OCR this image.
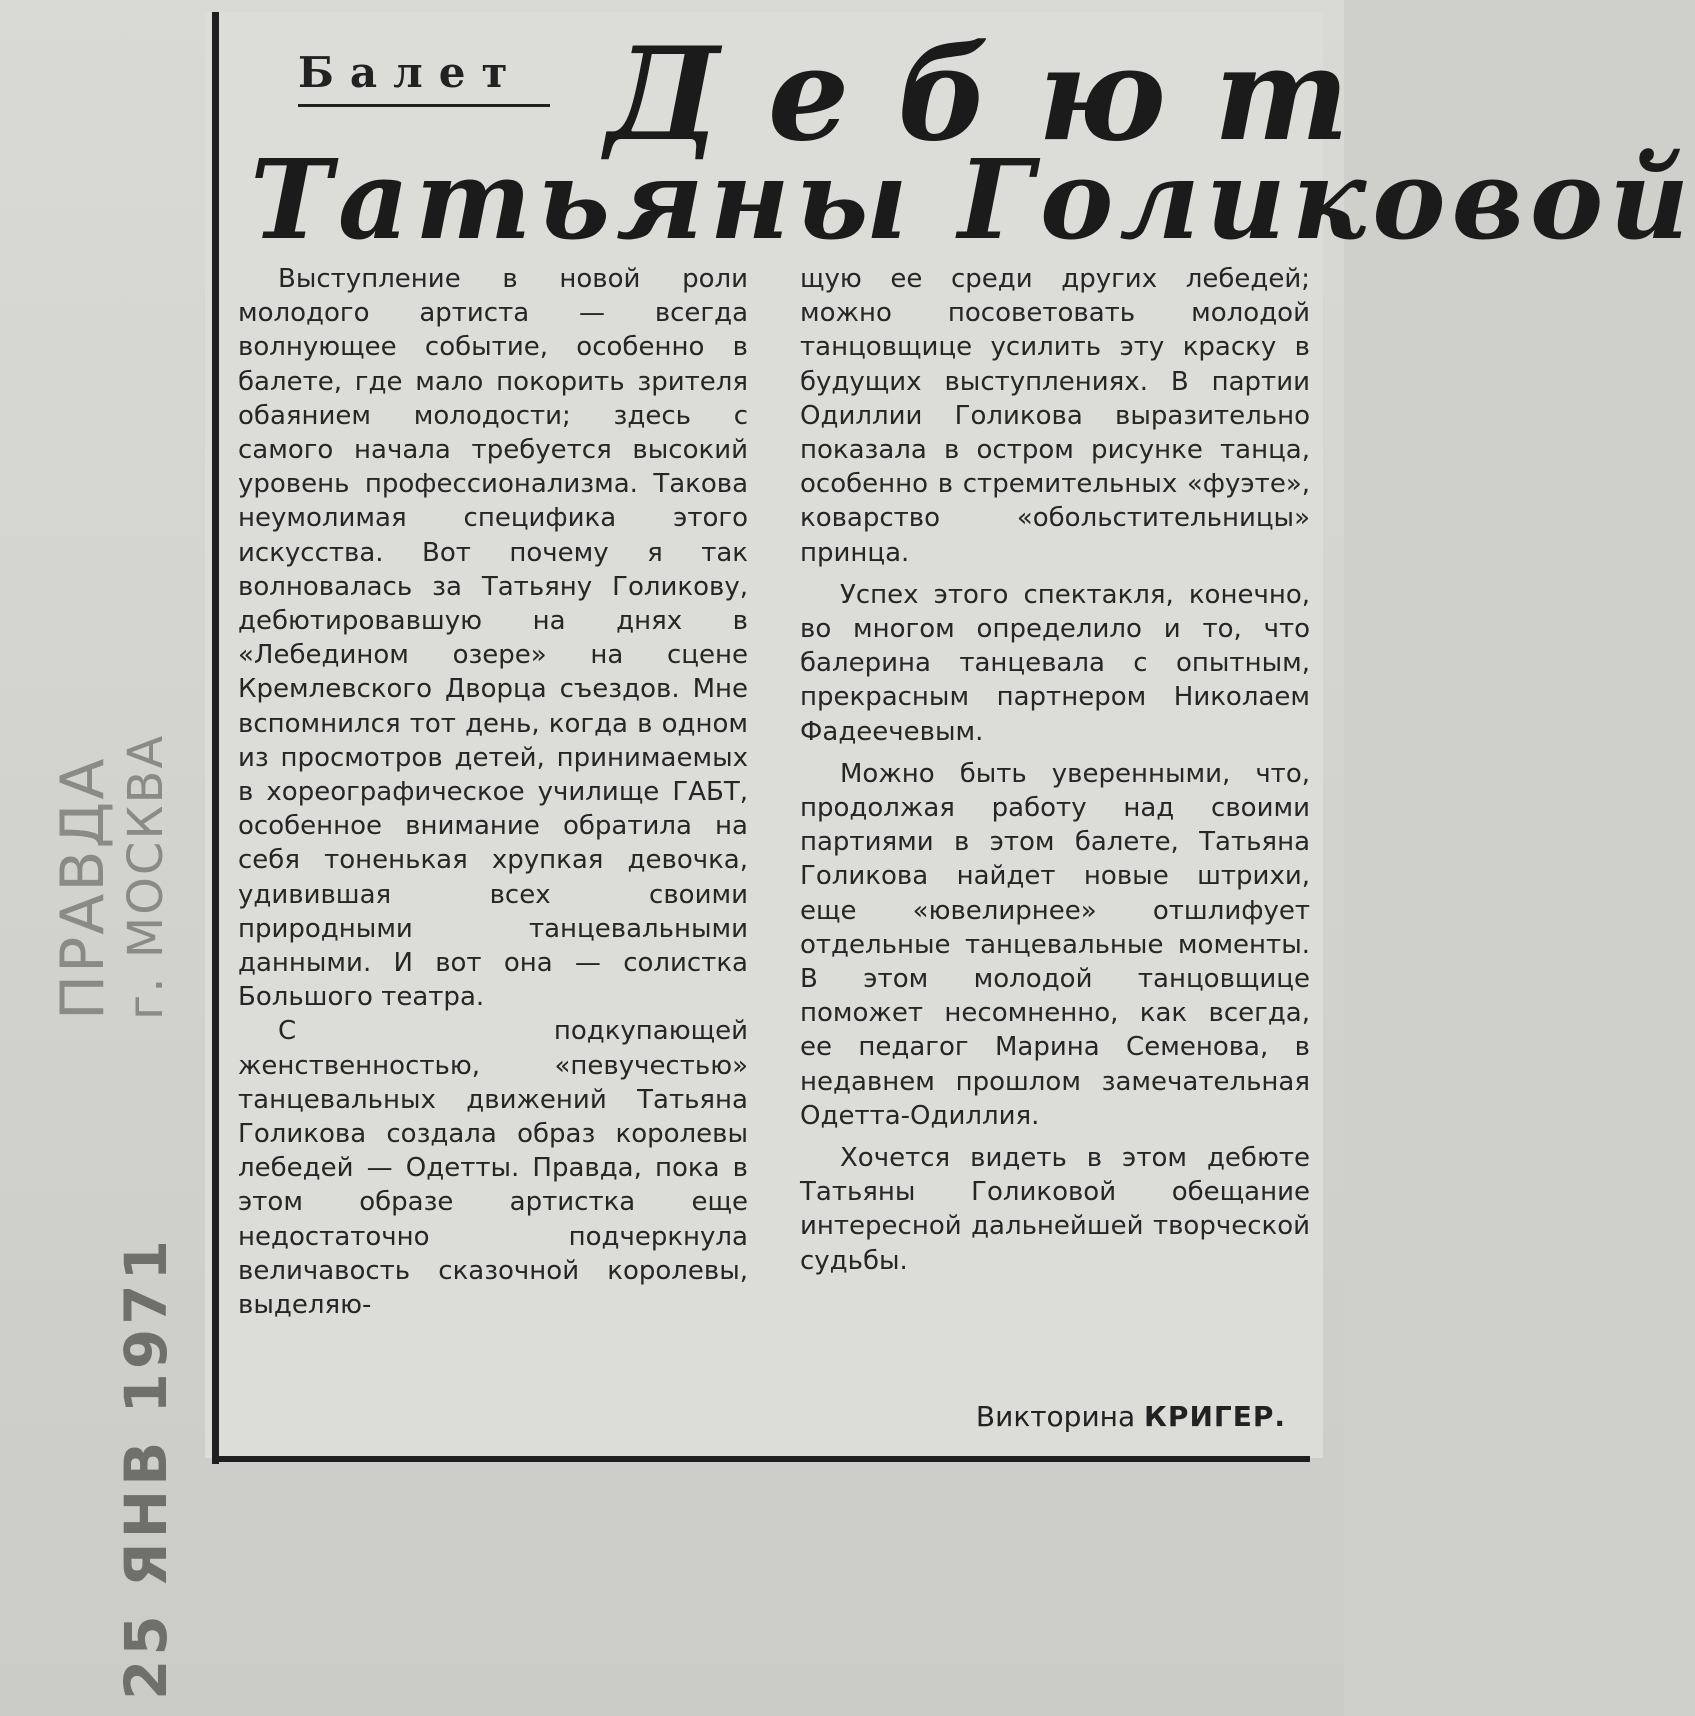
ПРАВДА г. МОСКВА
25 ЯНВ 1971
Балет Дебют
Татьяны Голиковой

Выступление в новой роли молодого артиста — всегда волнующее событие, особенно в балете, где мало покорить зрителя обаянием молодости; здесь с самого начала требуется высокий уровень профессионализма. Такова неумолимая специфика этого искусства. Вот почему я так волновалась за Татьяну Голикову, дебютировавшую на днях в «Лебедином озере» на сцене Кремлевского Дворца съездов. Мне вспомнился тот день, когда в одном из просмотров детей, принимаемых в хореографическое училище ГАБТ, особенное внимание обратила на себя тоненькая хрупкая девочка, удивившая всех своими природными танцевальными данными. И вот она — солистка Большого театра.

С подкупающей женственностью, «певучестью» танцевальных движений Татьяна Голикова создала образ королевы лебедей — Одетты. Правда, пока в этом образе артистка еще недостаточно подчеркнула величавость сказочной королевы, выделяю-

щую ее среди других лебедей; можно посоветовать молодой танцовщице усилить эту краску в будущих выступлениях. В партии Одиллии Голикова выразительно показала в остром рисунке танца, особенно в стремительных «фуэте», коварство «обольстительницы» принца.

Успех этого спектакля, конечно, во многом определило и то, что балерина танцевала с опытным, прекрасным партнером Николаем Фадеечевым.

Можно быть уверенными, что, продолжая работу над своими партиями в этом балете, Татьяна Голикова найдет новые штрихи, еще «ювелирнее» отшлифует отдельные танцевальные моменты. В этом молодой танцовщице поможет несомненно, как всегда, ее педагог Марина Семенова, в недавнем прошлом замечательная Одетта-Одиллия.

Хочется видеть в этом дебюте Татьяны Голиковой обещание интересной дальнейшей творческой судьбы.

Викторина КРИГЕР.
